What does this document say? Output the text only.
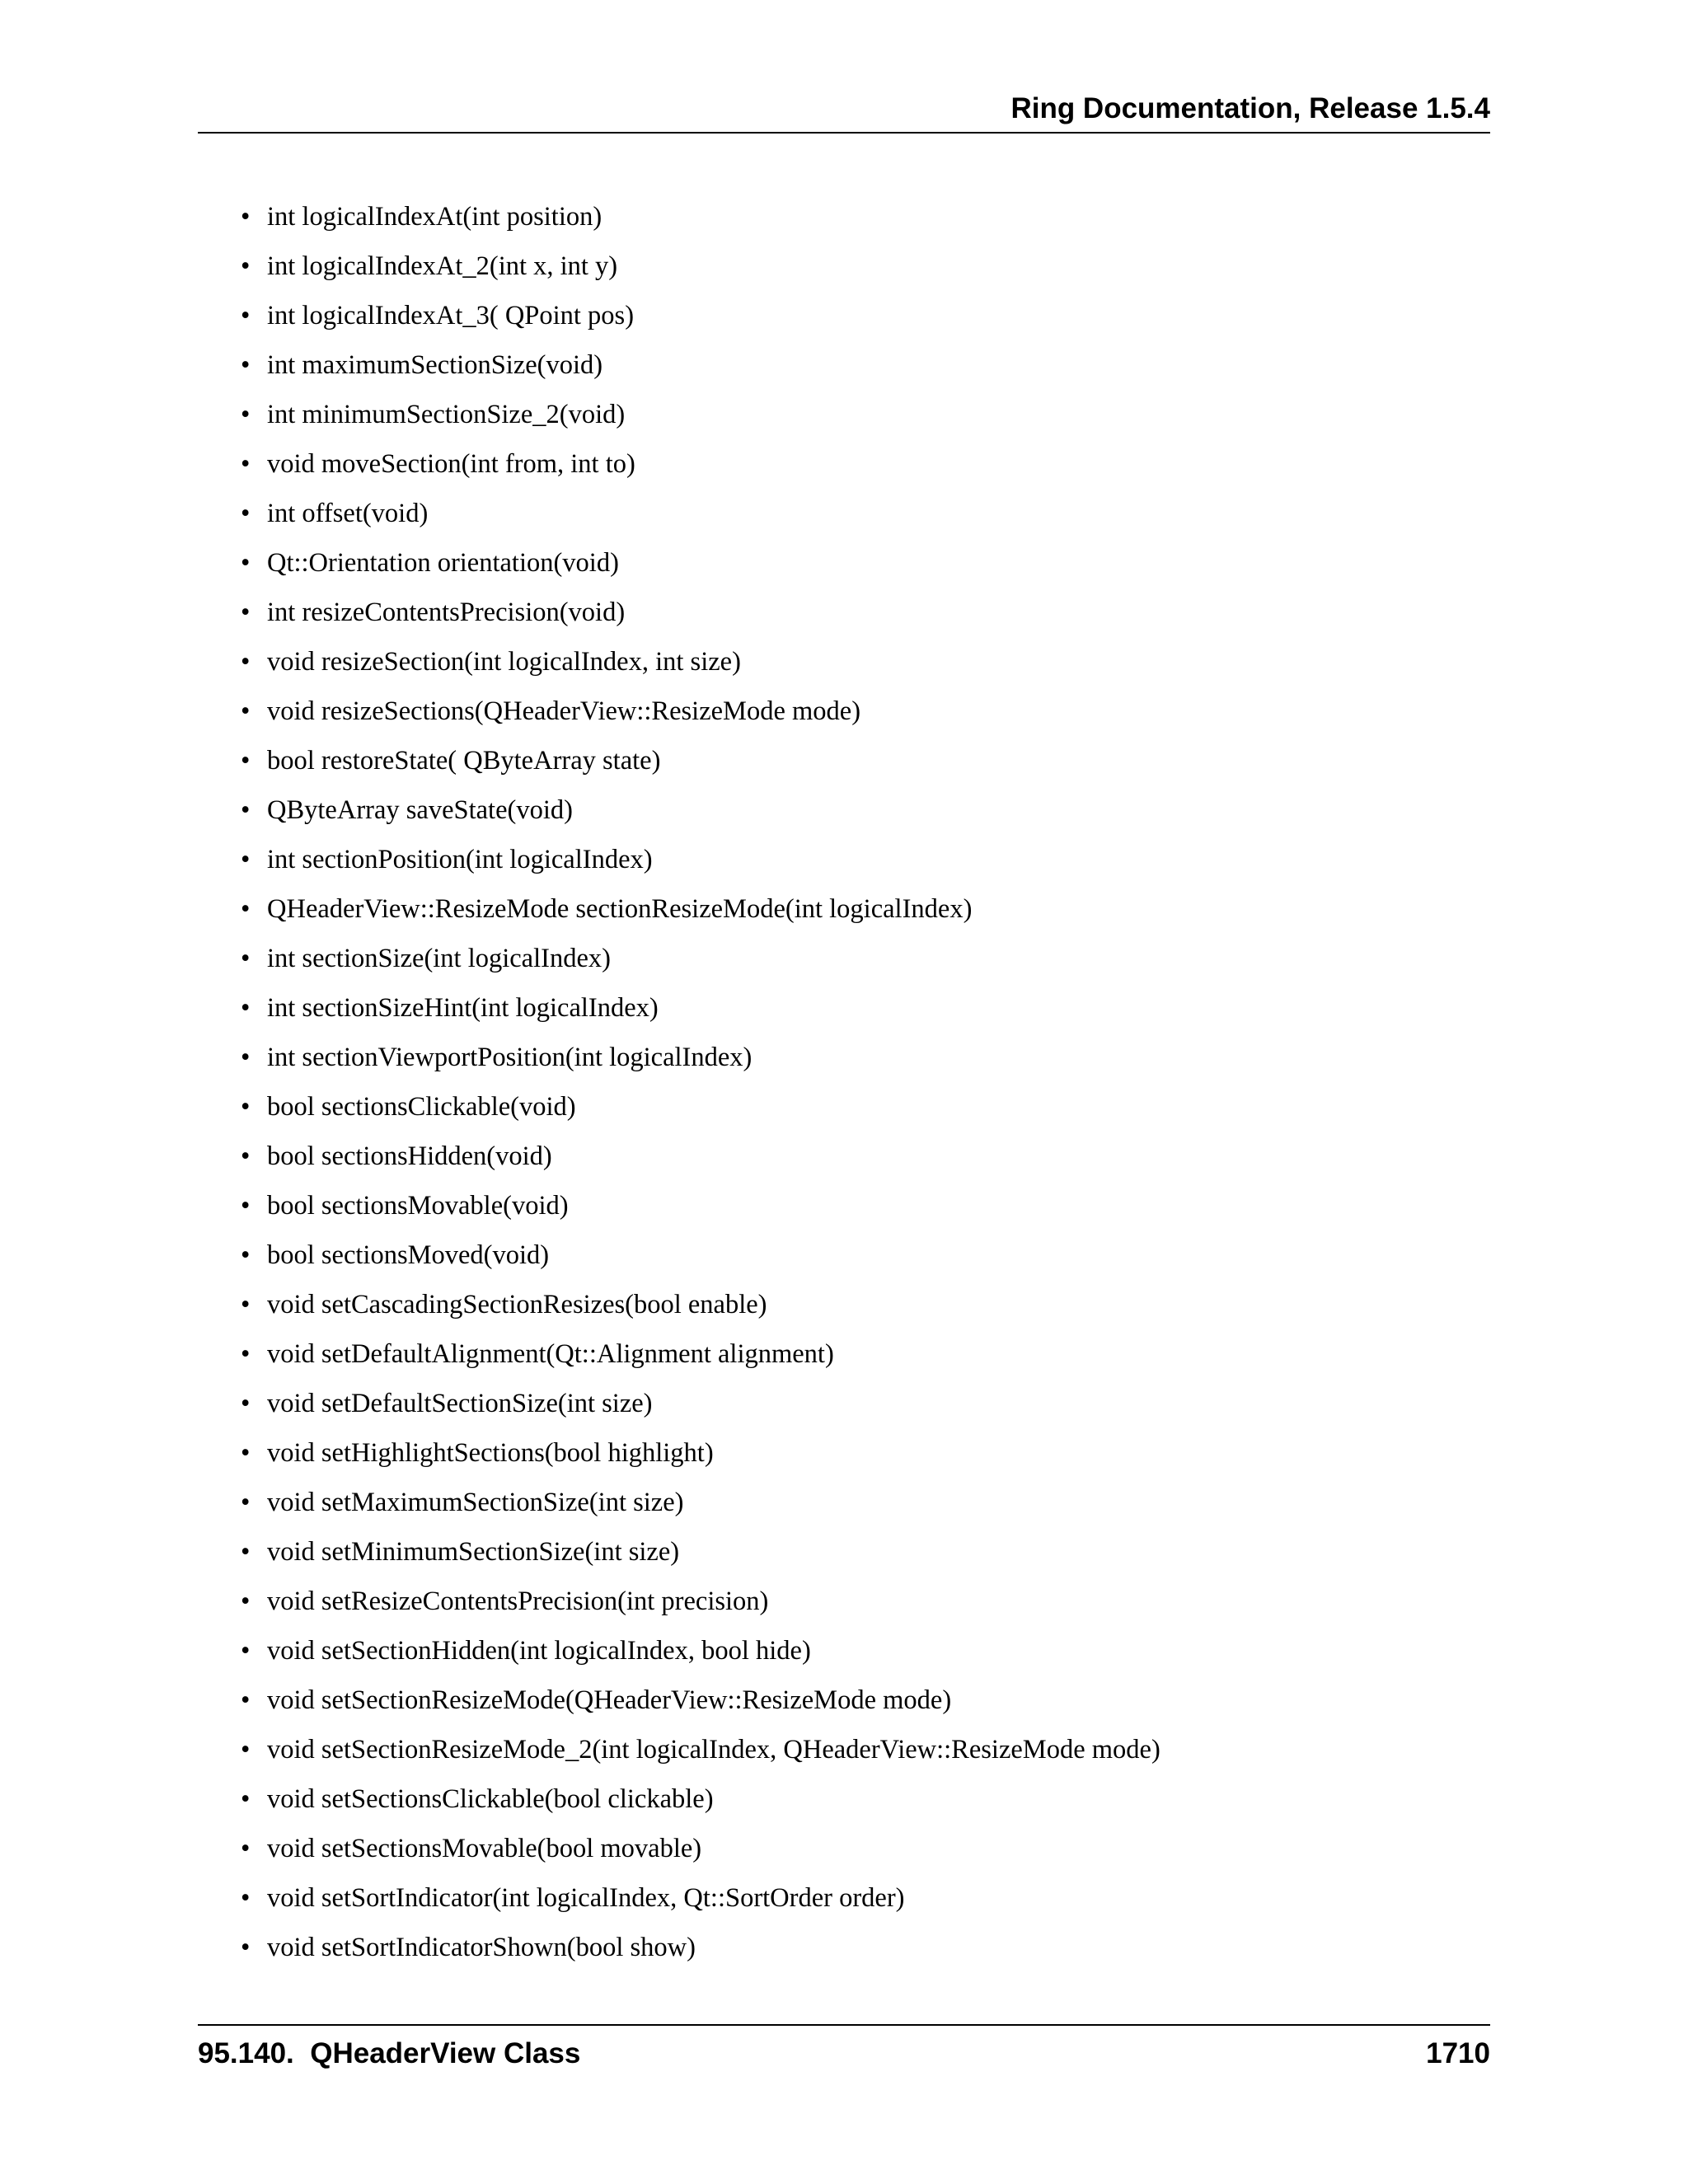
Ring Documentation, Release 1.5.4
• int logicalIndexAt(int position)
• int logicalIndexAt_2(int x, int y)
• int logicalIndexAt_3( QPoint pos)
• int maximumSectionSize(void)
• int minimumSectionSize_2(void)
• void moveSection(int from, int to)
• int offset(void)
• Qt::Orientation orientation(void)
• int resizeContentsPrecision(void)
• void resizeSection(int logicalIndex, int size)
• void resizeSections(QHeaderView::ResizeMode mode)
• bool restoreState( QByteArray state)
• QByteArray saveState(void)
• int sectionPosition(int logicalIndex)
• QHeaderView::ResizeMode sectionResizeMode(int logicalIndex)
• int sectionSize(int logicalIndex)
• int sectionSizeHint(int logicalIndex)
• int sectionViewportPosition(int logicalIndex)
• bool sectionsClickable(void)
• bool sectionsHidden(void)
• bool sectionsMovable(void)
• bool sectionsMoved(void)
• void setCascadingSectionResizes(bool enable)
• void setDefaultAlignment(Qt::Alignment alignment)
• void setDefaultSectionSize(int size)
• void setHighlightSections(bool highlight)
• void setMaximumSectionSize(int size)
• void setMinimumSectionSize(int size)
• void setResizeContentsPrecision(int precision)
• void setSectionHidden(int logicalIndex, bool hide)
• void setSectionResizeMode(QHeaderView::ResizeMode mode)
• void setSectionResizeMode_2(int logicalIndex, QHeaderView::ResizeMode mode)
• void setSectionsClickable(bool clickable)
• void setSectionsMovable(bool movable)
• void setSortIndicator(int logicalIndex, Qt::SortOrder order)
• void setSortIndicatorShown(bool show)
95.140.  QHeaderView Class	1710
